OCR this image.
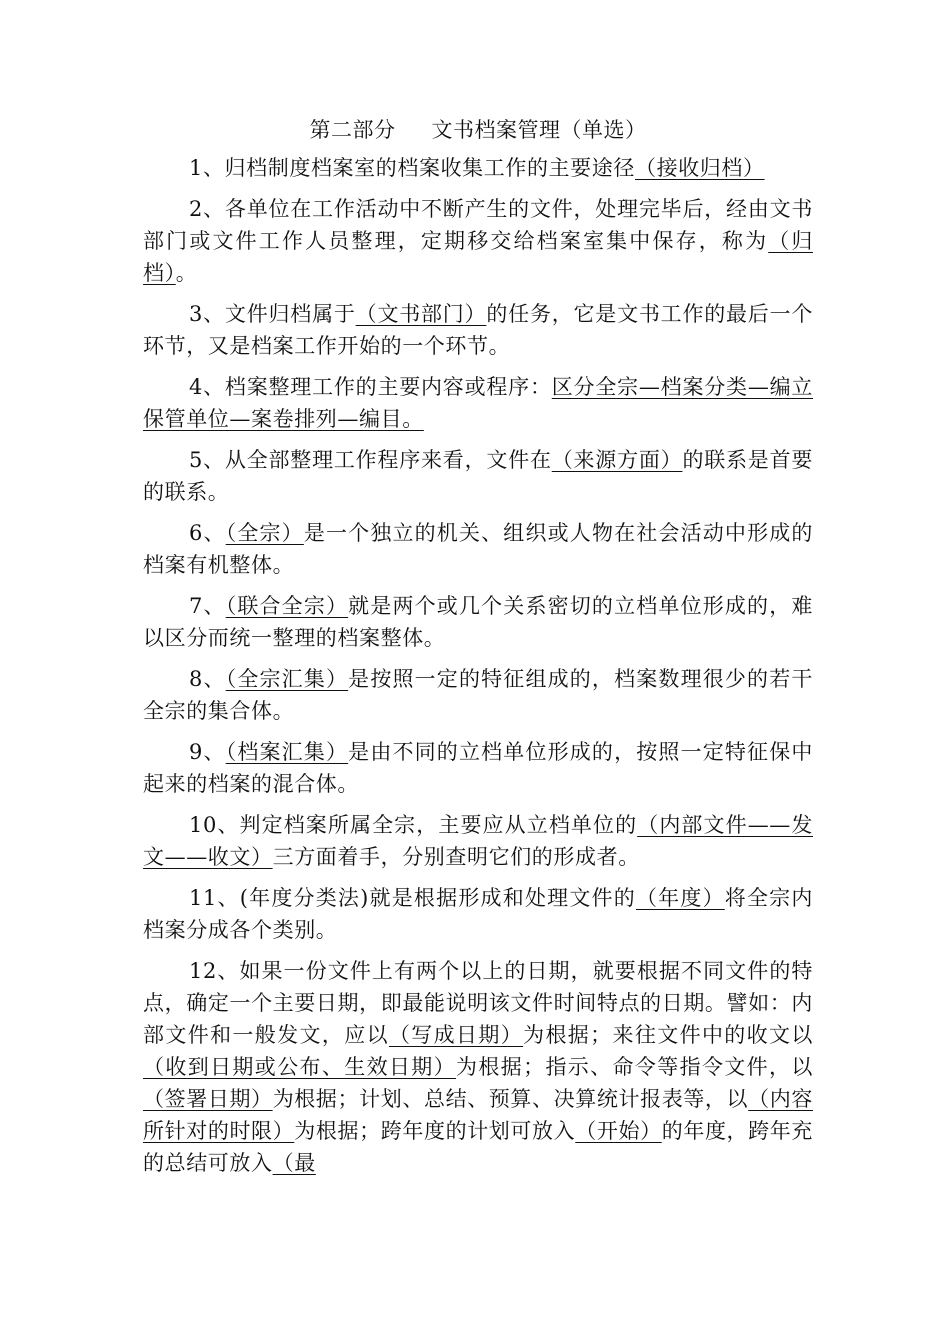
第二部分 文书档案管理（单选）

1、归档制度档案室的档案收集工作的主要途径（接收归档）

2、各单位在工作活动中不断产生的文件，处理完毕后，经由文书部门或文件工作人员整理，定期移交给档案室集中保存，称为（归档）。

3、文件归档属于（文书部门）的任务，它是文书工作的最后一个环节，又是档案工作开始的一个环节。

4、档案整理工作的主要内容或程序：区分全宗—档案分类—编立保管单位—案卷排列—编目。

5、从全部整理工作程序来看，文件在（来源方面）的联系是首要的联系。

6、（全宗）是一个独立的机关、组织或人物在社会活动中形成的档案有机整体。

7、（联合全宗）就是两个或几个关系密切的立档单位形成的，难以区分而统一整理的档案整体。

8、（全宗汇集）是按照一定的特征组成的，档案数理很少的若干全宗的集合体。

9、（档案汇集）是由不同的立档单位形成的，按照一定特征保中起来的档案的混合体。

10、判定档案所属全宗，主要应从立档单位的（内部文件——发文——收文）三方面着手，分别查明它们的形成者。

11、(年度分类法)就是根据形成和处理文件的（年度）将全宗内档案分成各个类别。

12、如果一份文件上有两个以上的日期，就要根据不同文件的特点，确定一个主要日期，即最能说明该文件时间特点的日期。譬如：内部文件和一般发文，应以（写成日期）为根据；来往文件中的收文以（收到日期或公布、生效日期）为根据；指示、命令等指令文件，以（签署日期）为根据；计划、总结、预算、决算统计报表等，以（内容所针对的时限）为根据；跨年度的计划可放入（开始）的年度，跨年充的总结可放入（最
